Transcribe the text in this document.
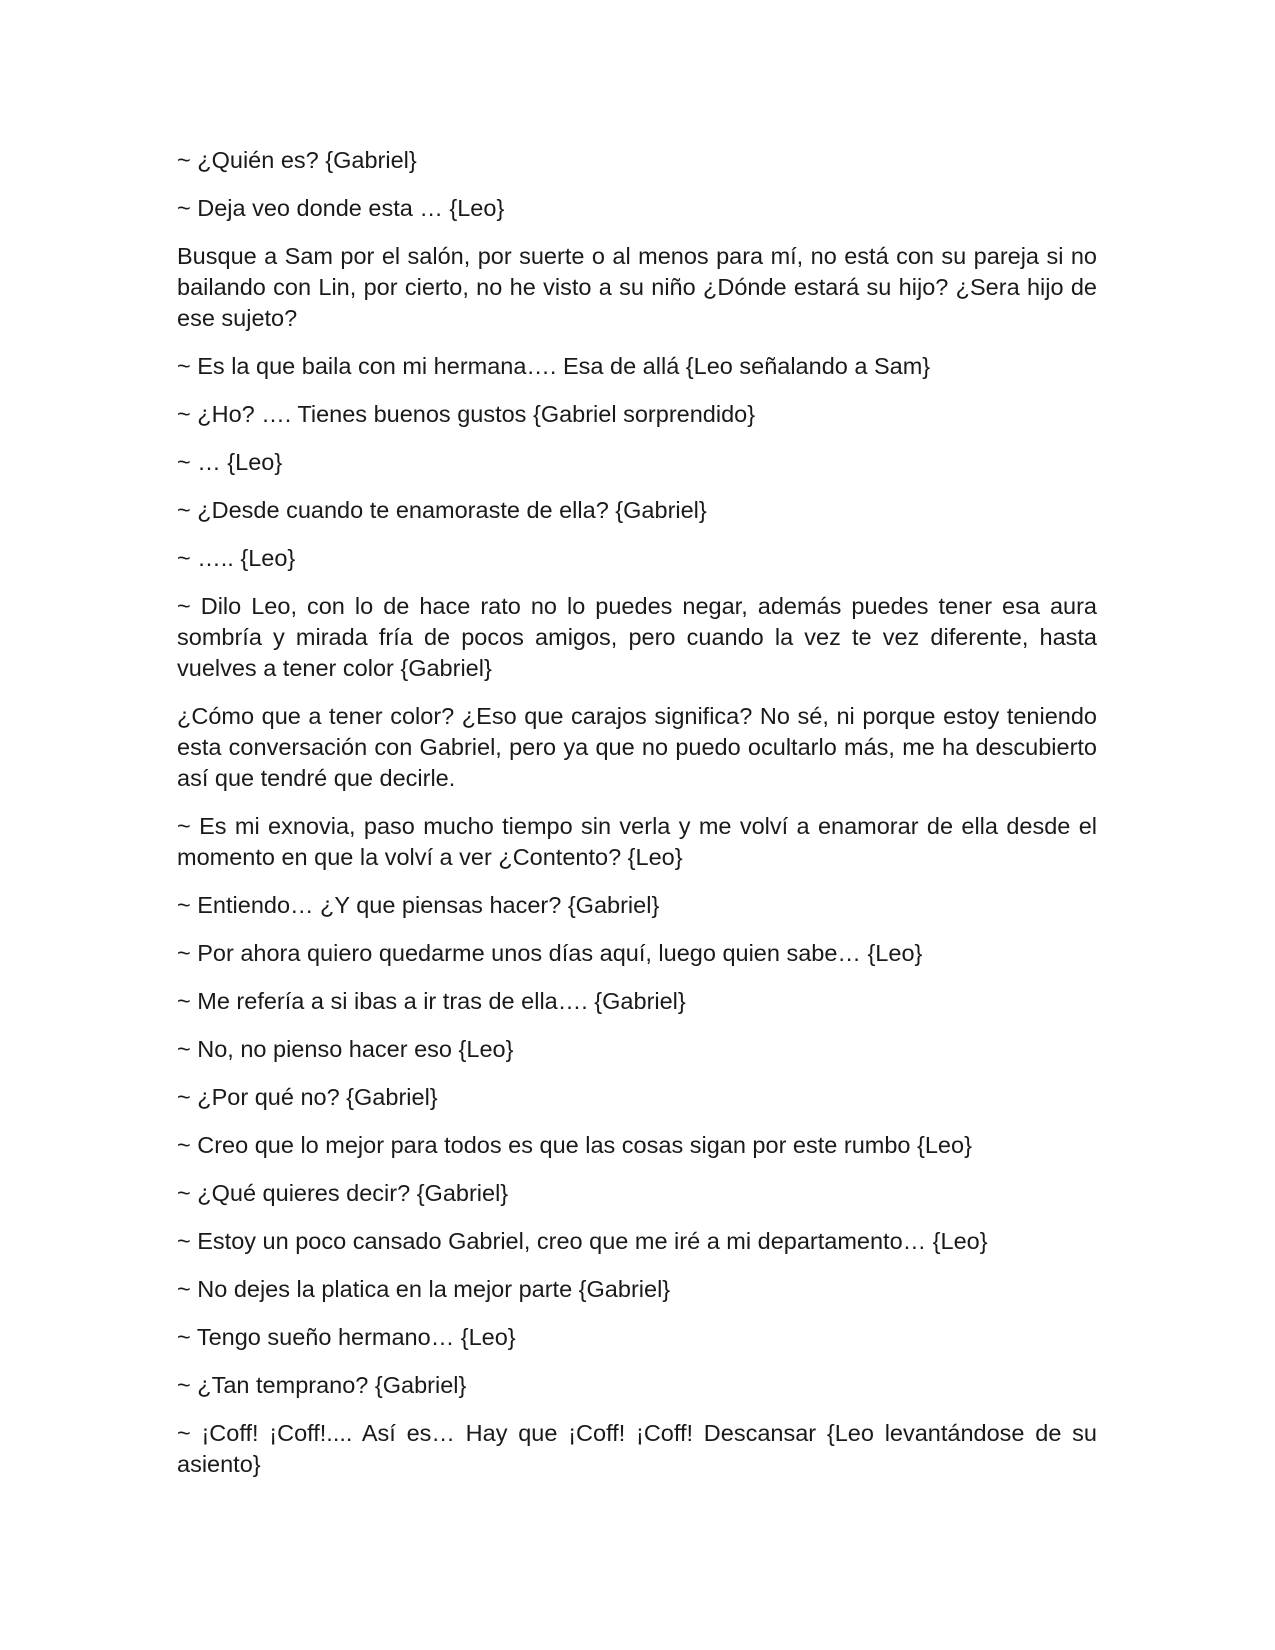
~ ¿Quién es? {Gabriel}

~ Deja veo donde esta … {Leo}

Busque a Sam por el salón, por suerte o al menos para mí, no está con su pareja si no bailando con Lin, por cierto, no he visto a su niño ¿Dónde estará su hijo? ¿Sera hijo de ese sujeto?

~ Es la que baila con mi hermana…. Esa de allá {Leo señalando a Sam}

~ ¿Ho? …. Tienes buenos gustos {Gabriel sorprendido}

~ … {Leo}

~ ¿Desde cuando te enamoraste de ella? {Gabriel}

~ ….. {Leo}

~ Dilo Leo, con lo de hace rato no lo puedes negar, además puedes tener esa aura sombría y mirada fría de pocos amigos, pero cuando la vez te vez diferente, hasta vuelves a tener color {Gabriel}

¿Cómo que a tener color? ¿Eso que carajos significa? No sé, ni porque estoy teniendo esta conversación con Gabriel, pero ya que no puedo ocultarlo más, me ha descubierto así que tendré que decirle.

~ Es mi exnovia, paso mucho tiempo sin verla y me volví a enamorar de ella desde el momento en que la volví a ver ¿Contento? {Leo}

~ Entiendo… ¿Y que piensas hacer? {Gabriel}

~ Por ahora quiero quedarme unos días aquí, luego quien sabe… {Leo}

~ Me refería a si ibas a ir tras de ella…. {Gabriel}

~ No, no pienso hacer eso {Leo}

~ ¿Por qué no? {Gabriel}

~ Creo que lo mejor para todos es que las cosas sigan por este rumbo {Leo}

~ ¿Qué quieres decir? {Gabriel}

~ Estoy un poco cansado Gabriel, creo que me iré a mi departamento… {Leo}

~ No dejes la platica en la mejor parte {Gabriel}

~ Tengo sueño hermano… {Leo}

~ ¿Tan temprano? {Gabriel}

~ ¡Coff! ¡Coff!.... Así es… Hay que ¡Coff! ¡Coff! Descansar {Leo levantándose de su asiento}
